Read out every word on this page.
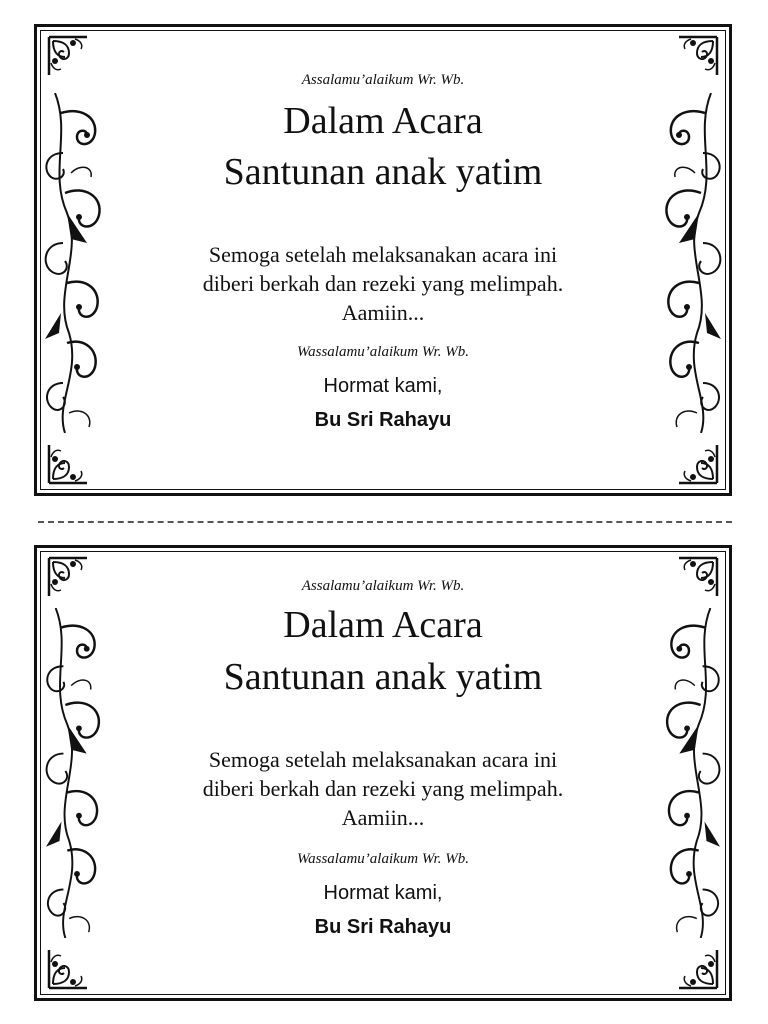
Assalamu’alaikum Wr. Wb.
Dalam Acara
Santunan anak yatim
Semoga setelah melaksanakan acara ini
diberi berkah dan rezeki yang melimpah.
Aamiin...
Wassalamu’alaikum Wr. Wb.
Hormat kami,
Bu Sri Rahayu
Assalamu’alaikum Wr. Wb.
Dalam Acara
Santunan anak yatim
Semoga setelah melaksanakan acara ini
diberi berkah dan rezeki yang melimpah.
Aamiin...
Wassalamu’alaikum Wr. Wb.
Hormat kami,
Bu Sri Rahayu
